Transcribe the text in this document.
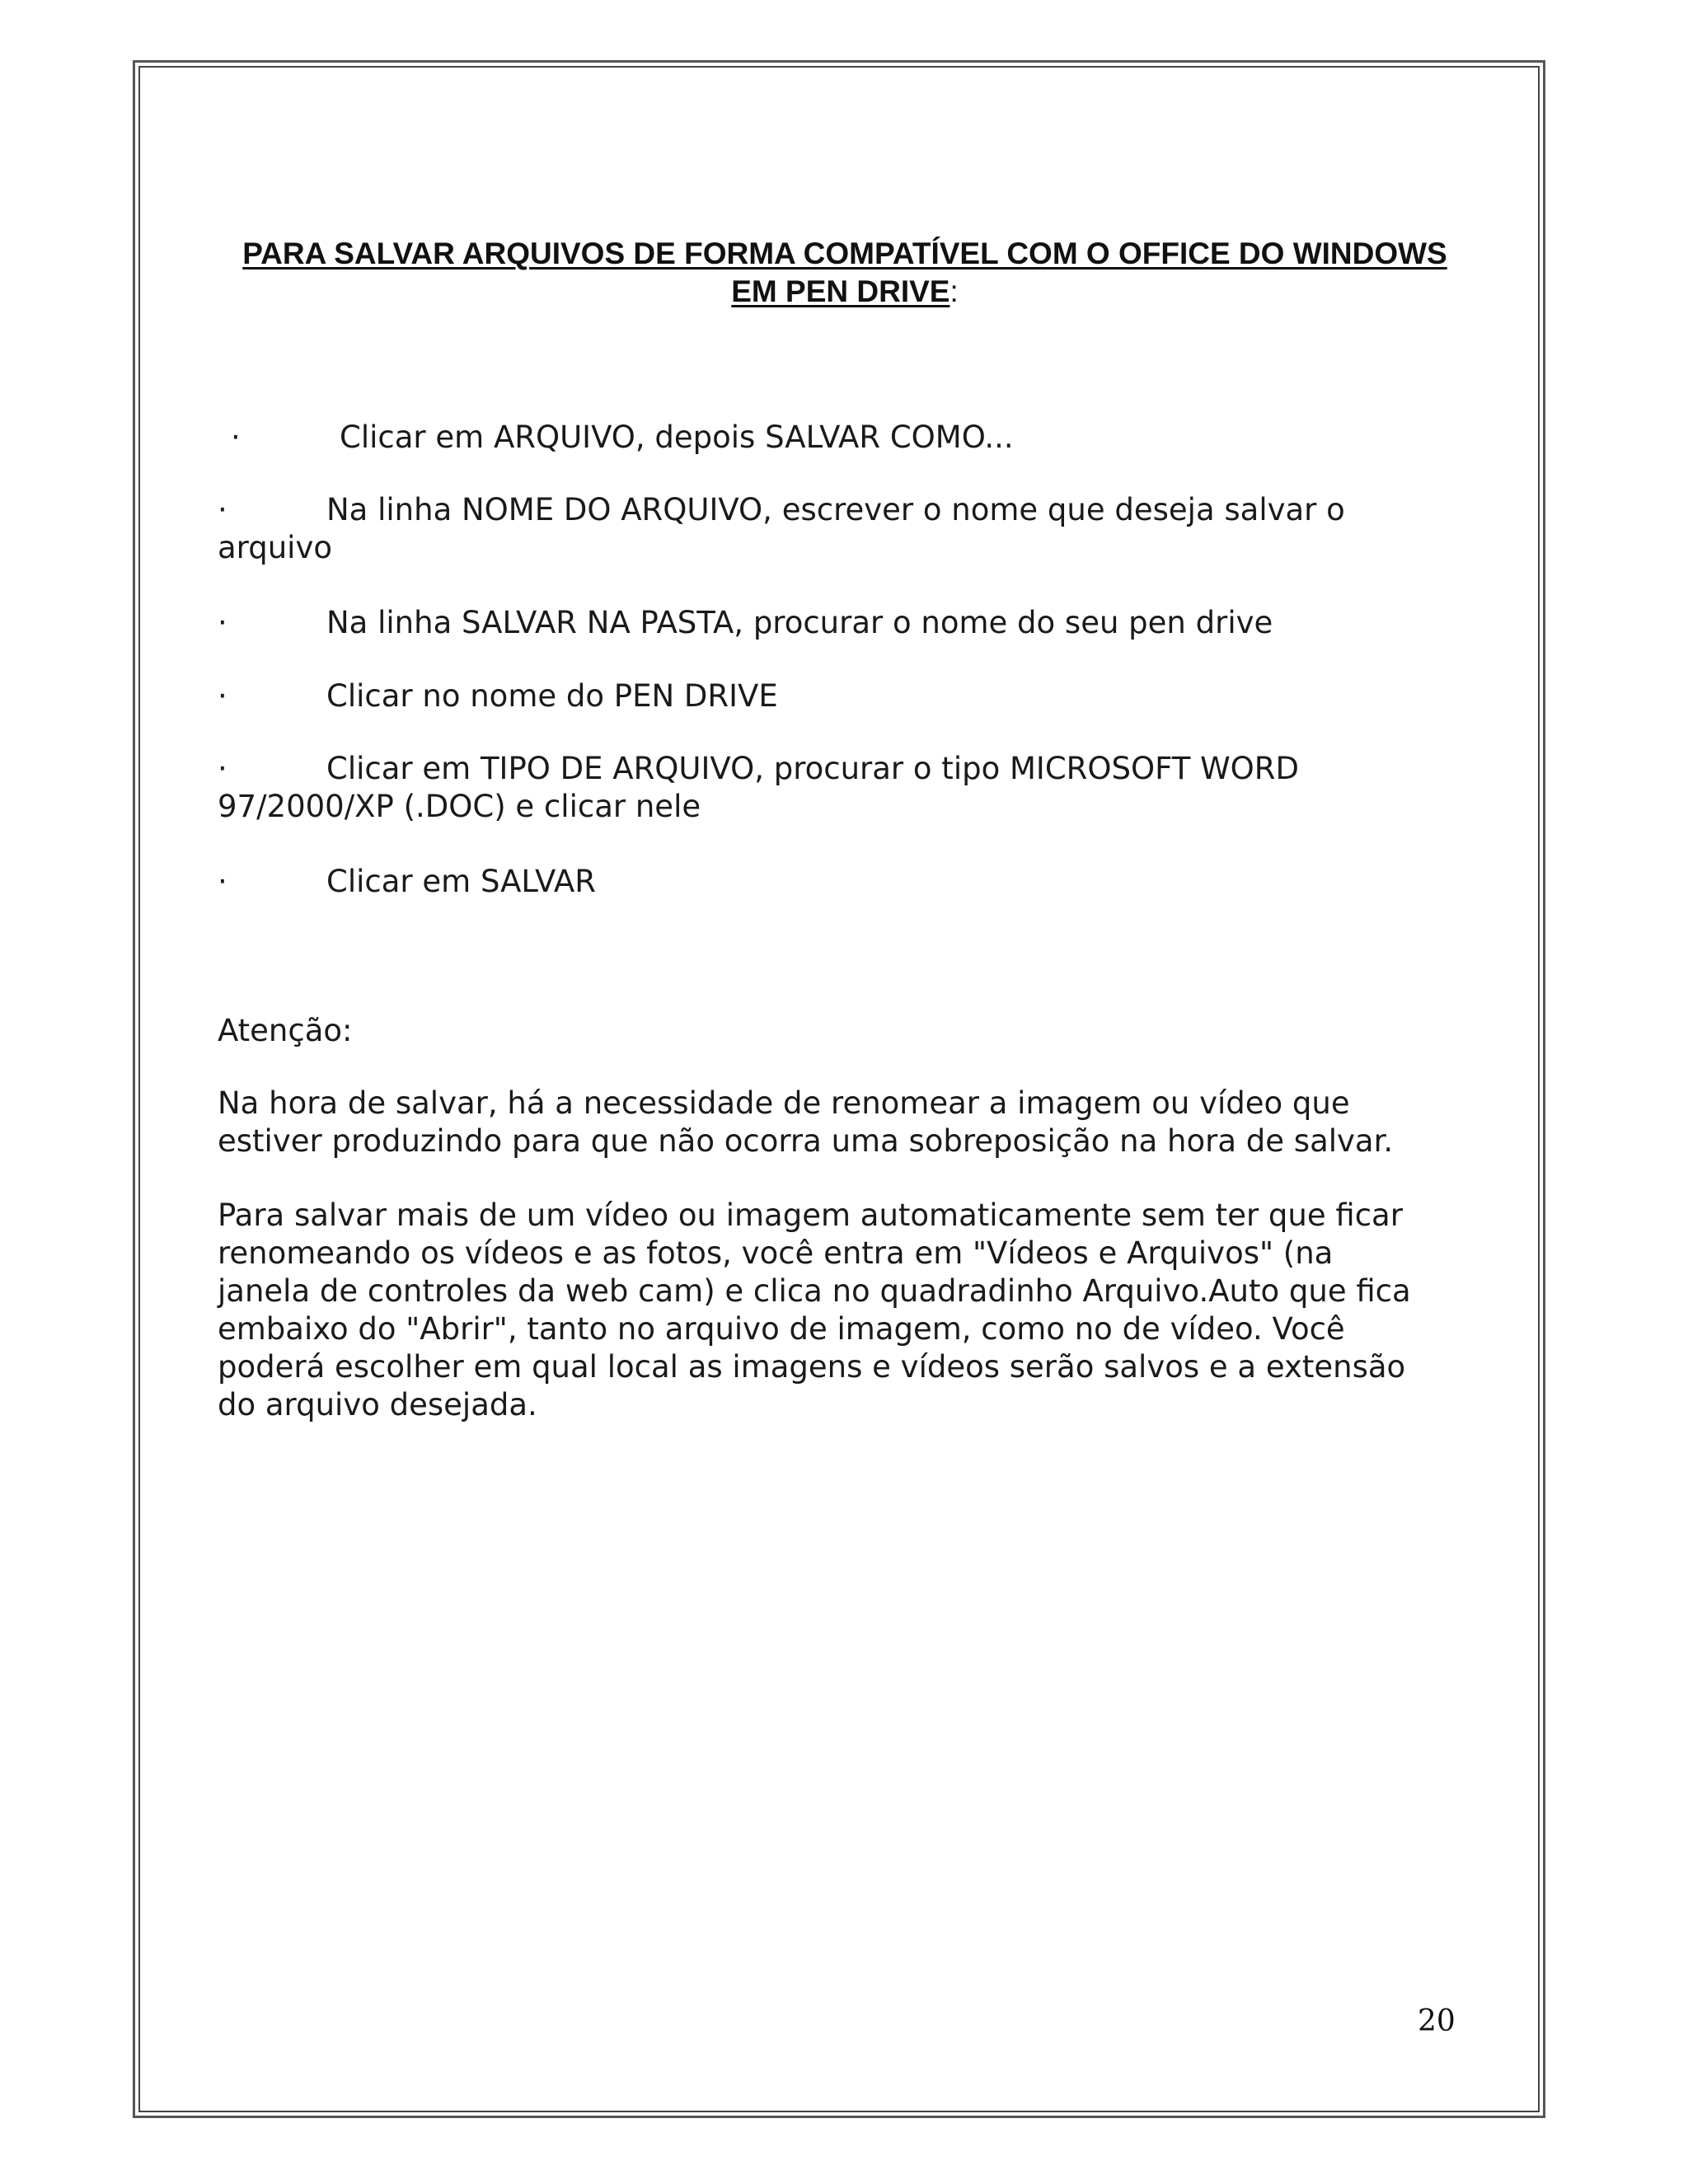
PARA SALVAR ARQUIVOS DE FORMA COMPATÍVEL COM O OFFICE DO WINDOWS
EM PEN DRIVE:
·	Clicar em ARQUIVO, depois SALVAR COMO...
·	Na linha NOME DO ARQUIVO, escrever o nome que deseja salvar o arquivo
·	Na linha SALVAR NA PASTA, procurar o nome do seu pen drive
·	Clicar no nome do PEN DRIVE
·	Clicar em TIPO DE ARQUIVO, procurar o tipo MICROSOFT WORD 97/2000/XP (.DOC) e clicar nele
·	Clicar em SALVAR
Atenção:
Na hora de salvar, há a necessidade de renomear a imagem ou vídeo que
estiver produzindo para que não ocorra uma sobreposição na hora de salvar.
Para salvar mais de um vídeo ou imagem automaticamente sem ter que ficar
renomeando os vídeos e as fotos, você entra em "Vídeos e Arquivos" (na
janela de controles da web cam) e clica no quadradinho Arquivo.Auto que fica
embaixo do "Abrir", tanto no arquivo de imagem, como no de vídeo. Você
poderá escolher em qual local as imagens e vídeos serão salvos e a extensão
do arquivo desejada.
20
